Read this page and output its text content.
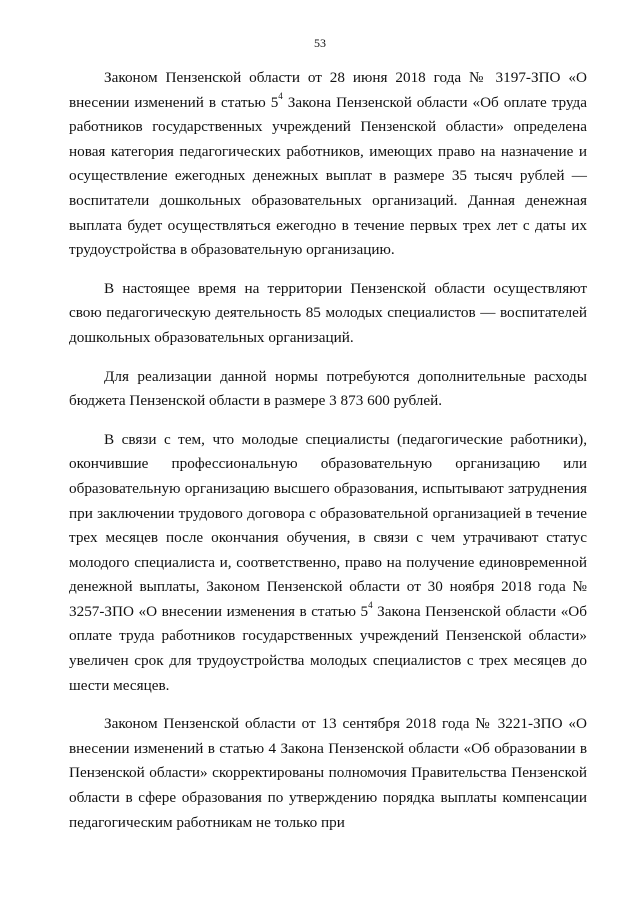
53

Законом Пензенской области от 28 июня 2018 года № 3197-ЗПО «О внесении изменений в статью $5^4$ Закона Пензенской области «Об оплате труда работников государственных учреждений Пензенской области» определена новая категория педагогических работников, имеющих право на назначение и осуществление ежегодных денежных выплат в размере 35 тысяч рублей — воспитатели дошкольных образовательных организаций. Данная денежная выплата будет осуществляться ежегодно в течение первых трех лет с даты их трудоустройства в образовательную организацию.

В настоящее время на территории Пензенской области осуществляют свою педагогическую деятельность 85 молодых специалистов — воспитателей дошкольных образовательных организаций.

Для реализации данной нормы потребуются дополнительные расходы бюджета Пензенской области в размере 3 873 600 рублей.

В связи с тем, что молодые специалисты (педагогические работники), окончившие профессиональную образовательную организацию или образовательную организацию высшего образования, испытывают затруднения при заключении трудового договора с образовательной организацией в течение трех месяцев после окончания обучения, в связи с чем утрачивают статус молодого специалиста и, соответственно, право на получение единовременной денежной выплаты, Законом Пензенской области от 30 ноября 2018 года № 3257-ЗПО «О внесении изменения в статью $5^4$ Закона Пензенской области «Об оплате труда работников государственных учреждений Пензенской области» увеличен срок для трудоустройства молодых специалистов с трех месяцев до шести месяцев.

Законом Пензенской области от 13 сентября 2018 года № 3221-ЗПО «О внесении изменений в статью 4 Закона Пензенской области «Об образовании в Пензенской области» скорректированы полномочия Правительства Пензенской области в сфере образования по утверждению порядка выплаты компенсации педагогическим работникам не только при
